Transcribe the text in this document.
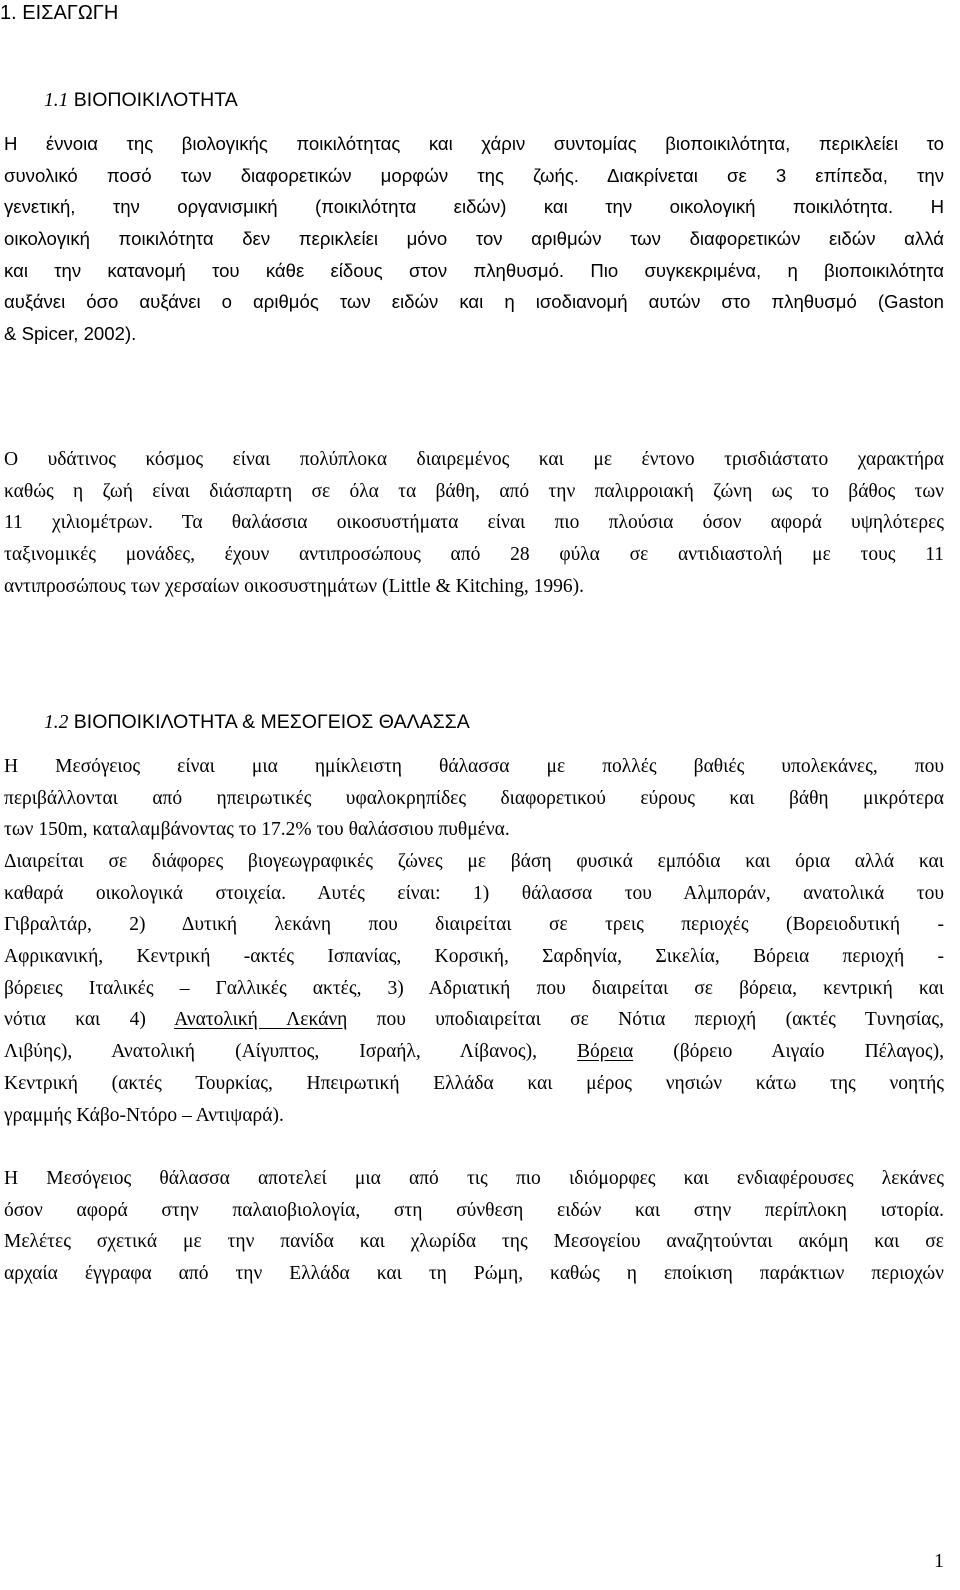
1. ΕΙΣΑΓΩΓΗ
1.1 ΒΙΟΠΟΙΚΙΛΟΤΗΤΑ
Η έννοια της βιολογικής ποικιλότητας και χάριν συντομίας βιοποικιλότητα, περικλείει το
συνολικό ποσό των διαφορετικών μορφών της ζωής. Διακρίνεται σε 3 επίπεδα, την
γενετική, την οργανισμική (ποικιλότητα ειδών) και την οικολογική ποικιλότητα. Η
οικολογική ποικιλότητα δεν περικλείει μόνο τον αριθμών των διαφορετικών ειδών αλλά
και την κατανομή του κάθε είδους στον πληθυσμό. Πιο συγκεκριμένα, η βιοποικιλότητα
αυξάνει όσο αυξάνει ο αριθμός των ειδών και η ισοδιανομή αυτών στο πληθυσμό (Gaston
& Spicer, 2002).
Ο υδάτινος κόσμος είναι πολύπλοκα διαιρεμένος και με έντονο τρισδιάστατο χαρακτήρα
καθώς η ζωή είναι διάσπαρτη σε όλα τα βάθη, από την παλιρροιακή ζώνη ως το βάθος των
11 χιλιομέτρων. Τα θαλάσσια οικοσυστήματα είναι πιο πλούσια όσον αφορά υψηλότερες
ταξινομικές μονάδες, έχουν αντιπροσώπους από 28 φύλα σε αντιδιαστολή με τους 11
αντιπροσώπους των χερσαίων οικοσυστημάτων (Little & Kitching, 1996).
1.2 ΒΙΟΠΟΙΚΙΛΟΤΗΤΑ & ΜΕΣΟΓΕΙΟΣ ΘΑΛΑΣΣΑ
Η Μεσόγειος είναι μια ημίκλειστη θάλασσα με πολλές βαθιές υπολεκάνες, που
περιβάλλονται από ηπειρωτικές υφαλοκρηπίδες διαφορετικού εύρους και βάθη μικρότερα
των 150m, καταλαμβάνοντας το 17.2% του θαλάσσιου πυθμένα.
Διαιρείται σε διάφορες βιογεωγραφικές ζώνες με βάση φυσικά εμπόδια και όρια αλλά και
καθαρά οικολογικά στοιχεία. Αυτές είναι: 1) θάλασσα του Αλμποράν, ανατολικά του
Γιβραλτάρ, 2) Δυτική λεκάνη που διαιρείται σε τρεις περιοχές (Βορειοδυτική -
Αφρικανική, Κεντρική -ακτές Ισπανίας, Κορσική, Σαρδηνία, Σικελία, Βόρεια περιοχή -
βόρειες Ιταλικές – Γαλλικές ακτές, 3) Αδριατική που διαιρείται σε βόρεια, κεντρική και
νότια και 4) Ανατολική Λεκάνη που υποδιαιρείται σε Νότια περιοχή (ακτές Τυνησίας,
Λιβύης), Ανατολική (Αίγυπτος, Ισραήλ, Λίβανος), Βόρεια (βόρειο Αιγαίο Πέλαγος),
Κεντρική (ακτές Τουρκίας, Ηπειρωτική Ελλάδα και μέρος νησιών κάτω της νοητής
γραμμής Κάβο-Ντόρο – Αντιψαρά).
Η Μεσόγειος θάλασσα αποτελεί μια από τις πιο ιδιόμορφες και ενδιαφέρουσες λεκάνες
όσον αφορά στην παλαιοβιολογία, στη σύνθεση ειδών και στην περίπλοκη ιστορία.
Μελέτες σχετικά με την πανίδα και χλωρίδα της Μεσογείου αναζητούνται ακόμη και σε
αρχαία έγγραφα από την Ελλάδα και τη Ρώμη, καθώς η εποίκιση παράκτιων περιοχών
1
